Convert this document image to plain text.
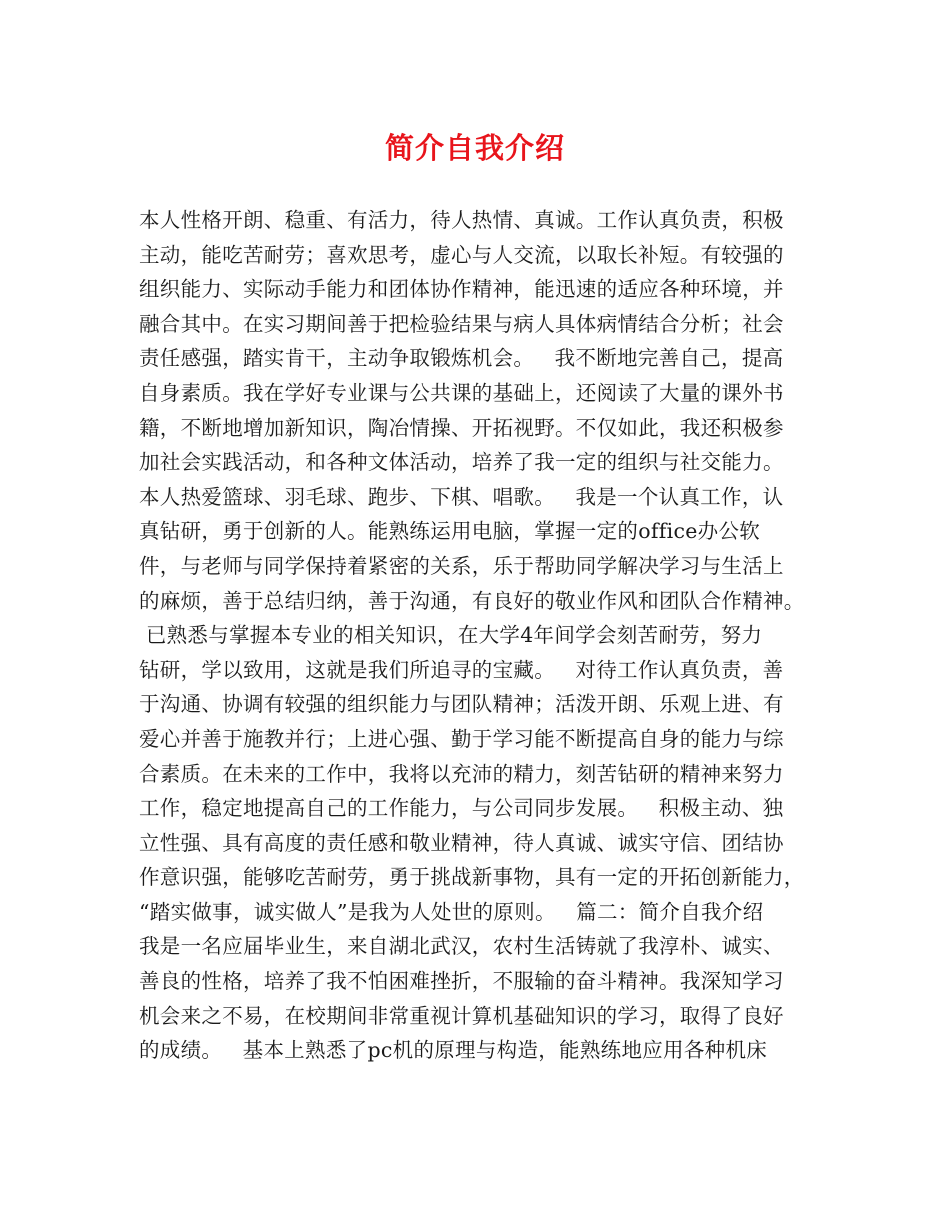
简介自我介绍
本人性格开朗、稳重、有活力，待人热情、真诚。工作认真负责，积极
主动，能吃苦耐劳；喜欢思考，虚心与人交流，以取长补短。有较强的
组织能力、实际动手能力和团体协作精神，能迅速的适应各种环境，并
融合其中。在实习期间善于把检验结果与病人具体病情结合分析；社会
责任感强，踏实肯干，主动争取锻炼机会。   我不断地完善自己，提高
自身素质。我在学好专业课与公共课的基础上，还阅读了大量的课外书
籍，不断地增加新知识，陶冶情操、开拓视野。不仅如此，我还积极参
加社会实践活动，和各种文体活动，培养了我一定的组织与社交能力。
本人热爱篮球、羽毛球、跑步、下棋、唱歌。   我是一个认真工作，认
真钻研，勇于创新的人。能熟练运用电脑，掌握一定的office办公软
件，与老师与同学保持着紧密的关系，乐于帮助同学解决学习与生活上
的麻烦，善于总结归纳，善于沟通，有良好的敬业作风和团队合作精神。
已熟悉与掌握本专业的相关知识，在大学4年间学会刻苦耐劳，努力
钻研，学以致用，这就是我们所追寻的宝藏。   对待工作认真负责，善
于沟通、协调有较强的组织能力与团队精神；活泼开朗、乐观上进、有
爱心并善于施教并行；上进心强、勤于学习能不断提高自身的能力与综
合素质。在未来的工作中，我将以充沛的精力，刻苦钻研的精神来努力
工作，稳定地提高自己的工作能力，与公司同步发展。   积极主动、独
立性强、具有高度的责任感和敬业精神，待人真诚、诚实守信、团结协
作意识强，能够吃苦耐劳，勇于挑战新事物，具有一定的开拓创新能力，
“踏实做事，诚实做人”是我为人处世的原则。   篇二：简介自我介绍
我是一名应届毕业生，来自湖北武汉，农村生活铸就了我淳朴、诚实、
善良的性格，培养了我不怕困难挫折，不服输的奋斗精神。我深知学习
机会来之不易，在校期间非常重视计算机基础知识的学习，取得了良好
的成绩。   基本上熟悉了pc机的原理与构造，能熟练地应用各种机床
